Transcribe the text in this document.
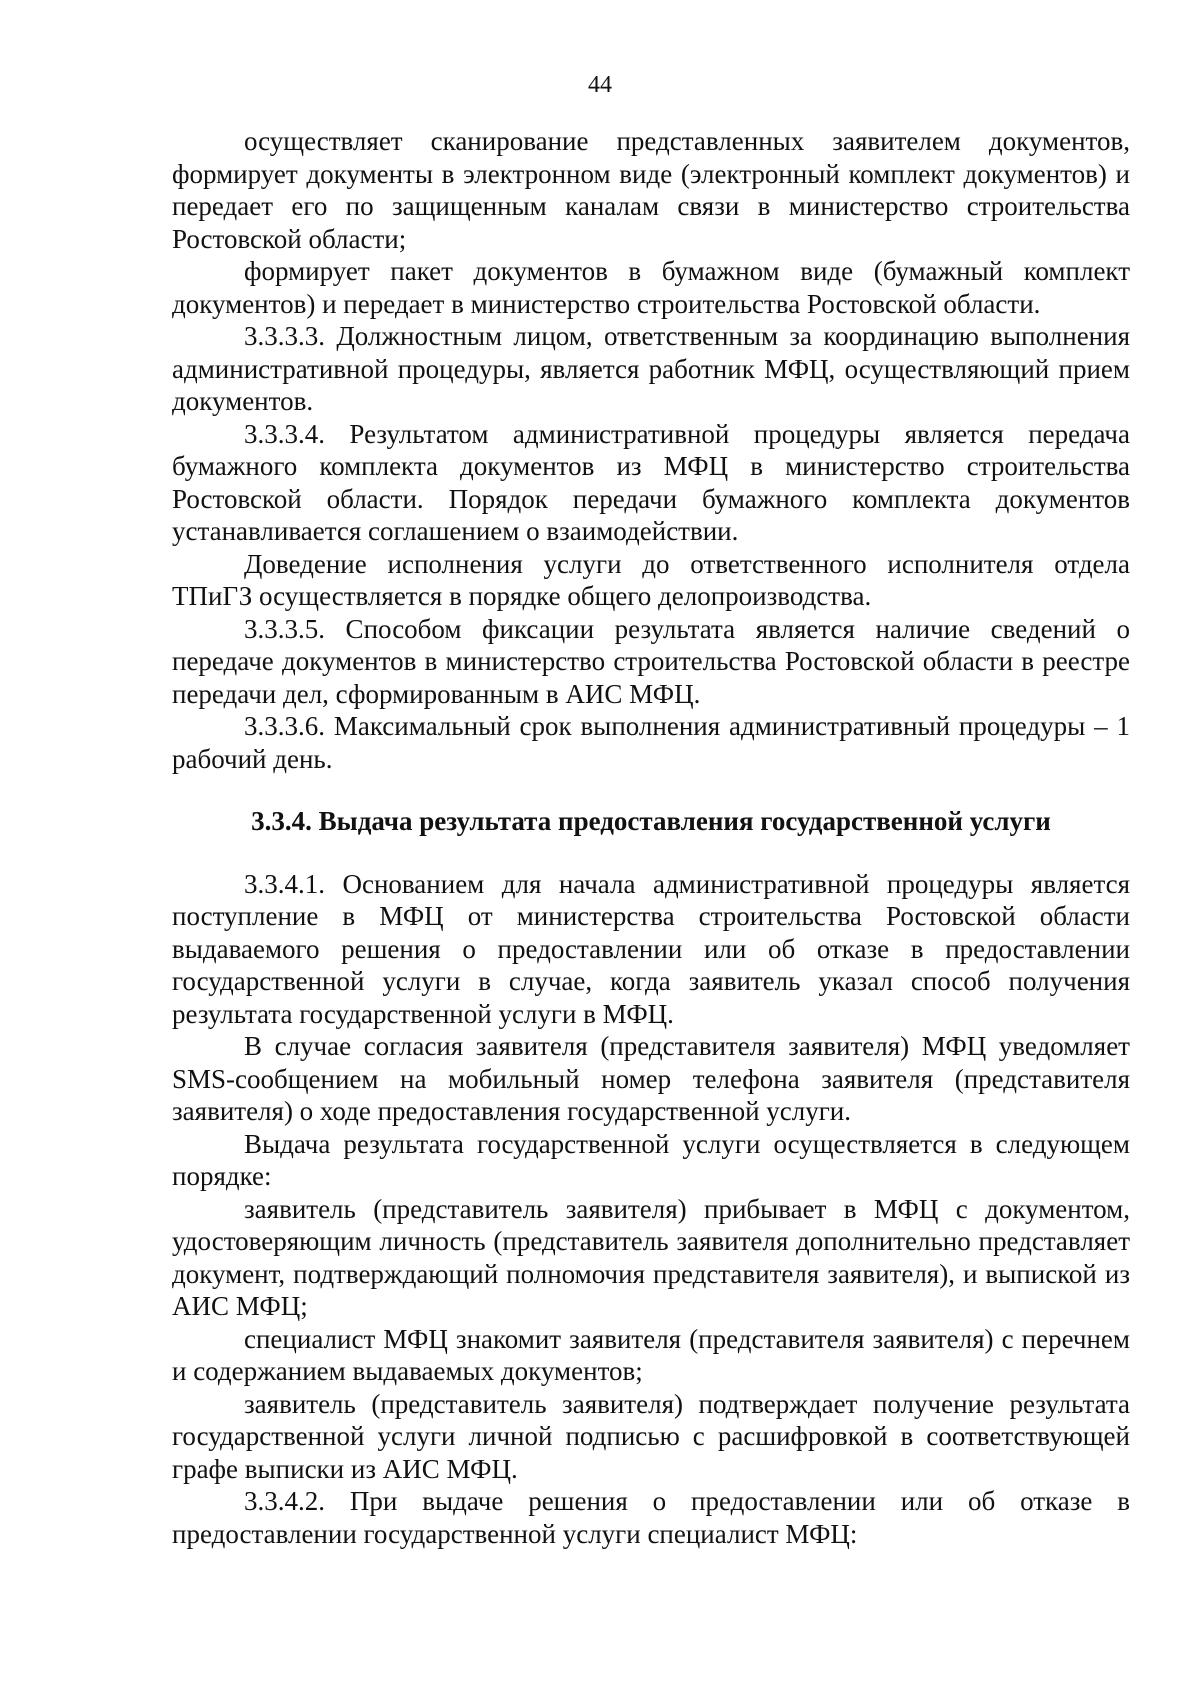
44

осуществляет сканирование представленных заявителем документов, формирует документы в электронном виде (электронный комплект документов) и передает его по защищенным каналам связи в министерство строительства Ростовской области;

формирует пакет документов в бумажном виде (бумажный комплект документов) и передает в министерство строительства Ростовской области.

3.3.3.3. Должностным лицом, ответственным за координацию выполнения административной процедуры, является работник МФЦ, осуществляющий прием документов.

3.3.3.4. Результатом административной процедуры является передача бумажного комплекта документов из МФЦ в министерство строительства Ростовской области. Порядок передачи бумажного комплекта документов устанавливается соглашением о взаимодействии.

Доведение исполнения услуги до ответственного исполнителя отдела ТПиГЗ осуществляется в порядке общего делопроизводства.

3.3.3.5. Способом фиксации результата является наличие сведений о передаче документов в министерство строительства Ростовской области в реестре передачи дел, сформированным в АИС МФЦ.

3.3.3.6. Максимальный срок выполнения административный процедуры – 1 рабочий день.

3.3.4. Выдача результата предоставления государственной услуги

3.3.4.1. Основанием для начала административной процедуры является поступление в МФЦ от министерства строительства Ростовской области выдаваемого решения о предоставлении или об отказе в предоставлении государственной услуги в случае, когда заявитель указал способ получения результата государственной услуги в МФЦ.

В случае согласия заявителя (представителя заявителя) МФЦ уведомляет SMS-сообщением на мобильный номер телефона заявителя (представителя заявителя) о ходе предоставления государственной услуги.

Выдача результата государственной услуги осуществляется в следующем порядке:

заявитель (представитель заявителя) прибывает в МФЦ с документом, удостоверяющим личность (представитель заявителя дополнительно представляет документ, подтверждающий полномочия представителя заявителя), и выпиской из АИС МФЦ;

специалист МФЦ знакомит заявителя (представителя заявителя) с перечнем и содержанием выдаваемых документов;

заявитель (представитель заявителя) подтверждает получение результата государственной услуги личной подписью с расшифровкой в соответствующей графе выписки из АИС МФЦ.

3.3.4.2. При выдаче решения о предоставлении или об отказе в предоставлении государственной услуги специалист МФЦ:
